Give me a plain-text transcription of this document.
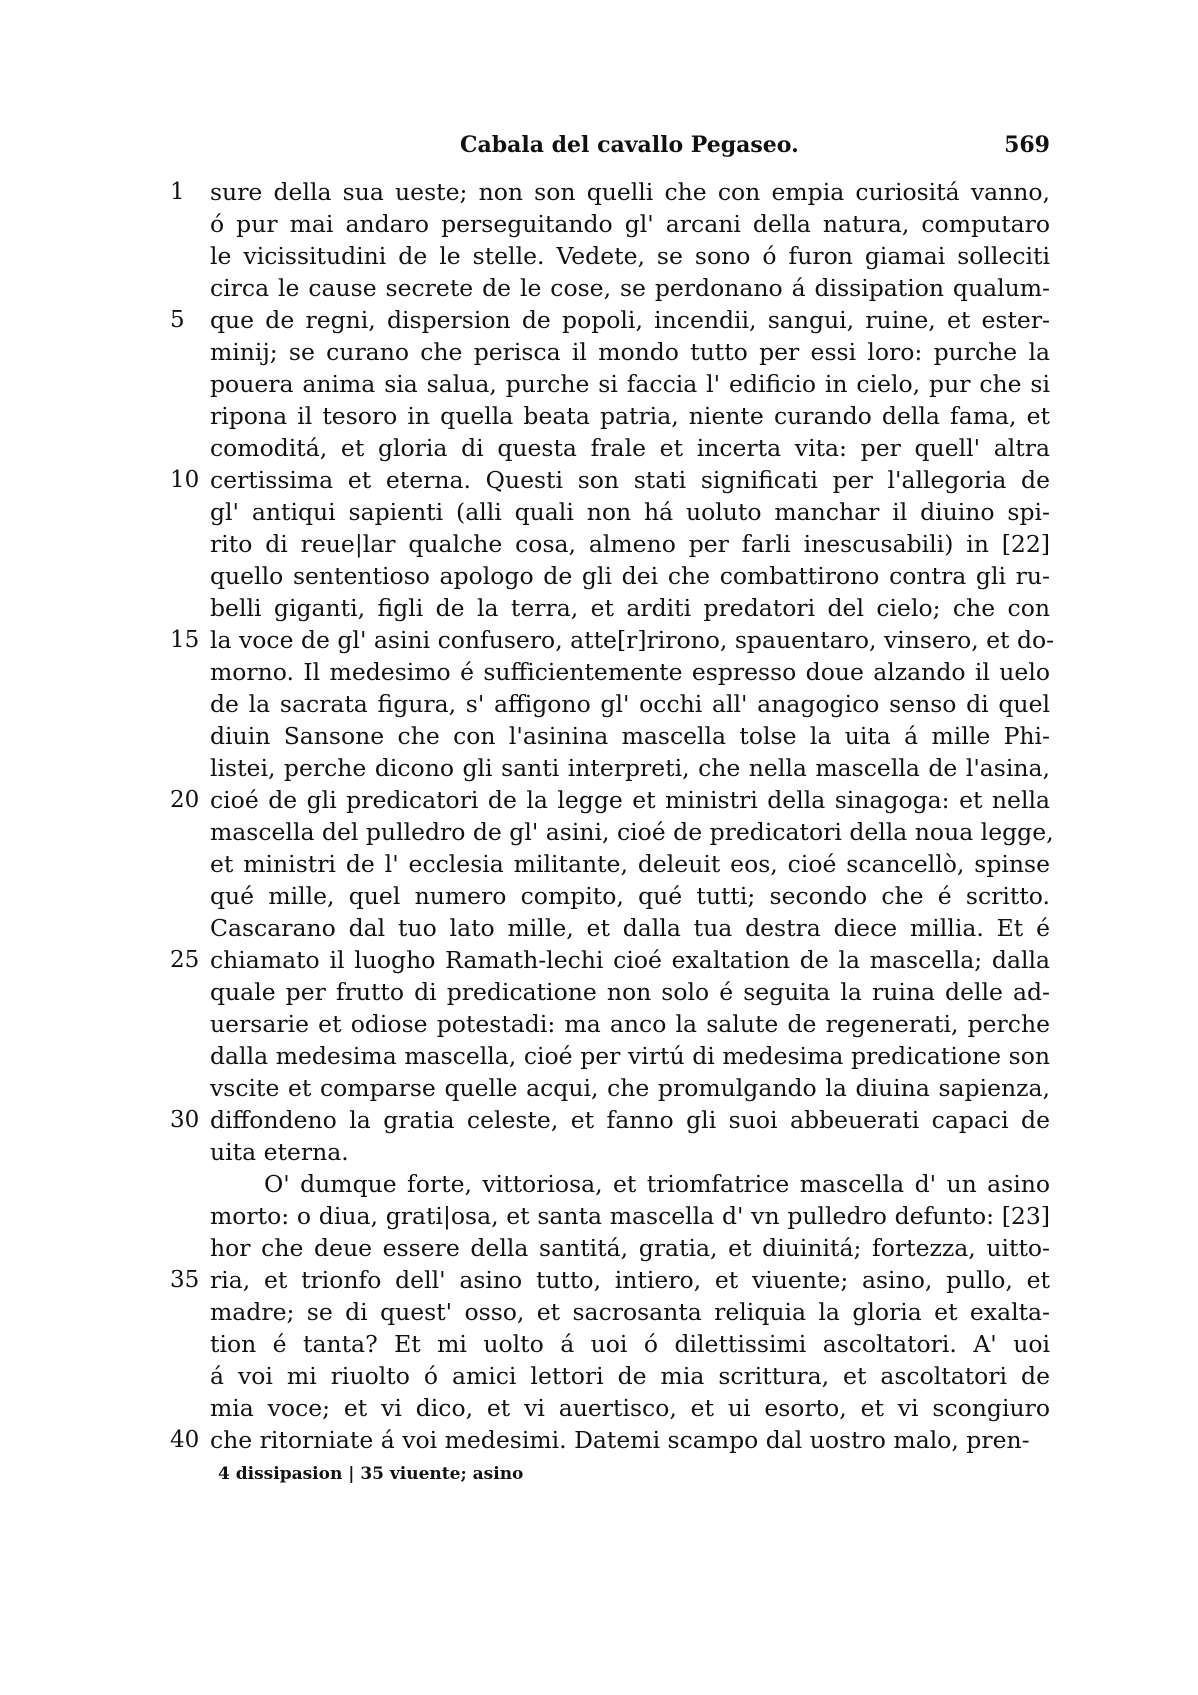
Cabala del cavallo Pegaseo.	569
1	sure della sua ueste; non son quelli che con empia curiositá vanno,
ó pur mai andaro perseguitando gl' arcani della natura, computaro
le vicissitudini de le stelle. Vedete, se sono ó furon giamai solleciti
circa le cause secrete de le cose, se perdonano á dissipation qualum-
5	que de regni, dispersion de popoli, incendii, sangui, ruine, et ester-
minij; se curano che perisca il mondo tutto per essi loro: purche la
pouera anima sia salua, purche si faccia l' edificio in cielo, pur che si
ripona il tesoro in quella beata patria, niente curando della fama, et
comoditá, et gloria di questa frale et incerta vita: per quell' altra
10 certissima et eterna. Questi son stati significati per l'allegoria de
gl' antiqui sapienti (alli quali non há uoluto manchar il diuino spi-
rito di reue|lar qualche cosa, almeno per farli inescusabili) in [22]
quello sententioso apologo de gli dei che combattirono contra gli ru-
belli giganti, figli de la terra, et arditi predatori del cielo; che con
15 la voce de gl' asini confusero, atte[r]rirono, spauentaro, vinsero, et do-
morno. Il medesimo é sufficientemente espresso doue alzando il uelo
de la sacrata figura, s' affigono gl' occhi all' anagogico senso di quel
diuin Sansone che con l'asinina mascella tolse la uita á mille Phi-
listei, perche dicono gli santi interpreti, che nella mascella de l'asina,
20 cioé de gli predicatori de la legge et ministri della sinagoga: et nella
mascella del pulledro de gl' asini, cioé de predicatori della noua legge,
et ministri de l' ecclesia militante, deleuit eos, cioé scancellò, spinse
qué mille, quel numero compito, qué tutti; secondo che é scritto.
Cascarano dal tuo lato mille, et dalla tua destra diece millia. Et é
25 chiamato il luogho Ramath-lechi cioé exaltation de la mascella; dalla
quale per frutto di predicatione non solo é seguita la ruina delle ad-
uersarie et odiose potestadi: ma anco la salute de regenerati, perche
dalla medesima mascella, cioé per virtú di medesima predicatione son
vscite et comparse quelle acqui, che promulgando la diuina sapienza,
30 diffondeno la gratia celeste, et fanno gli suoi abbeuerati capaci de
uita eterna.
O' dumque forte, vittoriosa, et triomfatrice mascella d' un asino
morto: o diua, grati|osa, et santa mascella d' vn pulledro defunto: [23]
hor che deue essere della santitá, gratia, et diuinitá; fortezza, uitto-
35 ria, et trionfo dell' asino tutto, intiero, et viuente; asino, pullo, et
madre; se di quest' osso, et sacrosanta reliquia la gloria et exalta-
tion é tanta? Et mi uolto á uoi ó dilettissimi ascoltatori. A' uoi
á voi mi riuolto ó amici lettori de mia scrittura, et ascoltatori de
mia voce; et vi dico, et vi auertisco, et ui esorto, et vi scongiuro
40 che ritorniate á voi medesimi. Datemi scampo dal uostro malo, pren-
4 dissipasion | 35 viuente; asino
